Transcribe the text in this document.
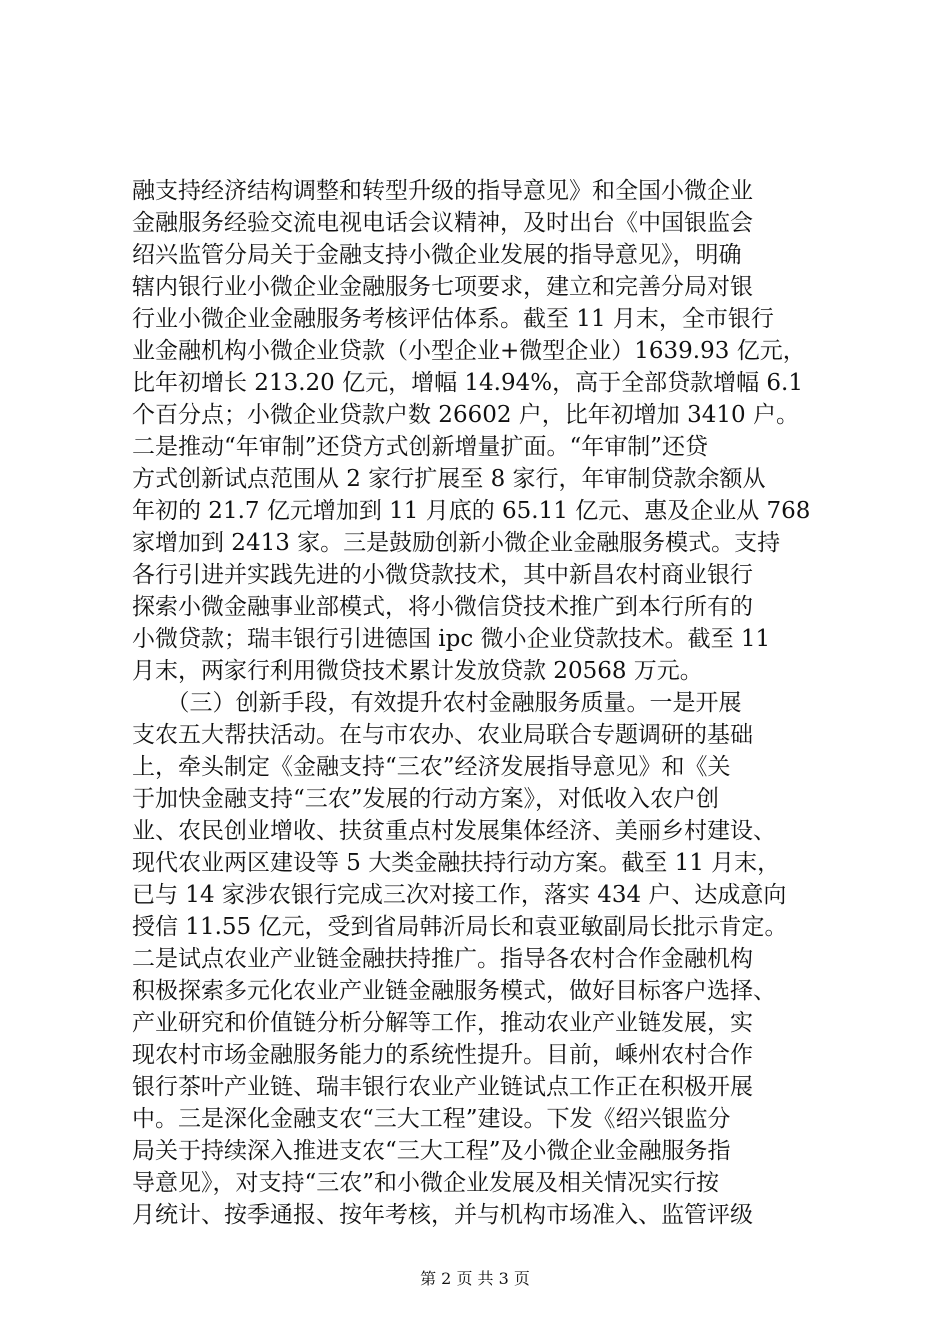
融支持经济结构调整和转型升级的指导意见》和全国小微企业
金融服务经验交流电视电话会议精神，及时出台《中国银监会
绍兴监管分局关于金融支持小微企业发展的指导意见》，明确
辖内银行业小微企业金融服务七项要求，建立和完善分局对银
行业小微企业金融服务考核评估体系。截至 11 月末，全市银行
业金融机构小微企业贷款（小型企业+微型企业）1639.93 亿元，
比年初增长 213.20 亿元，增幅 14.94%，高于全部贷款增幅 6.1
个百分点；小微企业贷款户数 26602 户，比年初增加 3410 户。
二是推动“年审制”还贷方式创新增量扩面。“年审制”还贷
方式创新试点范围从 2 家行扩展至 8 家行，年审制贷款余额从
年初的 21.7 亿元增加到 11 月底的 65.11 亿元、惠及企业从 768
家增加到 2413 家。三是鼓励创新小微企业金融服务模式。支持
各行引进并实践先进的小微贷款技术，其中新昌农村商业银行
探索小微金融事业部模式，将小微信贷技术推广到本行所有的
小微贷款；瑞丰银行引进德国 ipc 微小企业贷款技术。截至 11
月末，两家行利用微贷技术累计发放贷款 20568 万元。
　　（三）创新手段，有效提升农村金融服务质量。一是开展
支农五大帮扶活动。在与市农办、农业局联合专题调研的基础
上，牵头制定《金融支持“三农”经济发展指导意见》和《关
于加快金融支持“三农”发展的行动方案》，对低收入农户创
业、农民创业增收、扶贫重点村发展集体经济、美丽乡村建设、
现代农业两区建设等 5 大类金融扶持行动方案。截至 11 月末，
已与 14 家涉农银行完成三次对接工作，落实 434 户、达成意向
授信 11.55 亿元，受到省局韩沂局长和袁亚敏副局长批示肯定。
二是试点农业产业链金融扶持推广。指导各农村合作金融机构
积极探索多元化农业产业链金融服务模式，做好目标客户选择、
产业研究和价值链分析分解等工作，推动农业产业链发展，实
现农村市场金融服务能力的系统性提升。目前，嵊州农村合作
银行茶叶产业链、瑞丰银行农业产业链试点工作正在积极开展
中。三是深化金融支农“三大工程”建设。下发《绍兴银监分
局关于持续深入推进支农“三大工程”及小微企业金融服务指
导意见》，对支持“三农”和小微企业发展及相关情况实行按
月统计、按季通报、按年考核，并与机构市场准入、监管评级
第 2 页 共 3 页
